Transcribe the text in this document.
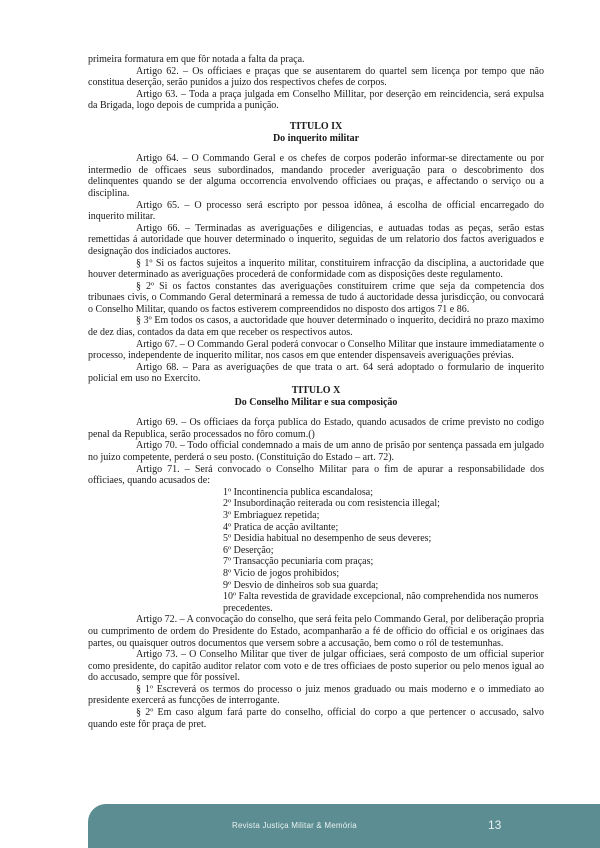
primeira formatura em que fôr notada a falta da praça.

Artigo 62. – Os officiaes e praças que se ausentarem do quartel sem licença por tempo que não constitua deserção, serão punidos a juizo dos respectivos chefes de corpos.

Artigo 63. – Toda a praça julgada em Conselho Millitar, por deserção em reincidencia, será expulsa da Brigada, logo depois de cumprida a punição.

TITULO IX

Do inquerito militar

Artigo 64. – O Commando Geral e os chefes de corpos poderão informar-se directamente ou por intermedio de officaes seus subordinados, mandando proceder averiguação para o descobrimento dos delinquentes quando se der alguma occorrencia envolvendo officiaes ou praças, e affectando o serviço ou a disciplina.

Artigo 65. – O processo será escripto por pessoa idônea, á escolha de official encarregado do inquerito militar.

Artigo 66. – Terminadas as averiguações e diligencias, e autuadas todas as peças, serão estas remettidas á autoridade que houver determinado o inquerito, seguidas de um relatorio dos factos averiguados e designação dos indiciados auctores.

§ 1º Si os factos sujeitos a inquerito militar, constituirem infracção da disciplina, a auctoridade que houver determinado as averiguações procederá de conformidade com as disposições deste regulamento.

§ 2º Si os factos constantes das averiguações constituirem crime que seja da competencia dos tribunaes civis, o Commando Geral determinará a remessa de tudo á auctoridade dessa jurisdicção, ou convocará o Conselho Militar, quando os factos estiverem compreendidos no disposto dos artigos 71 e 86.

§ 3º Em todos os casos, a auctoridade que houver determinado o inquerito, decidirá no prazo maximo de dez dias, contados da data em que receber os respectivos autos.

Artigo 67. – O Commando Geral poderá convocar o Conselho Militar que instaure immediatamente o processo, independente de inquerito militar, nos casos em que entender dispensaveis averiguações prévias.

Artigo 68. – Para as averiguações de que trata o art. 64 será adoptado o formulario de inquerito policial em uso no Exercito.

TITULO X

Do Conselho Militar e sua composição

Artigo 69. – Os officiaes da força publica do Estado, quando acusados de crime previsto no codigo penal da Republica, serão processados no fôro comum.()

Artigo 70. – Todo official condemnado a mais de um anno de prisão por sentença passada em julgado no juizo competente, perderá o seu posto. (Constituição do Estado – art. 72).

Artigo 71. – Será convocado o Conselho Militar para o fim de apurar a responsabilidade dos officiaes, quando acusados de:

1º Incontinencia publica escandalosa;

2º Insubordinação reiterada ou com resistencia illegal;

3º Embriaguez repetida;

4º Pratica de acção aviltante;

5º Desidia habitual no desempenho de seus deveres;

6º Deserção;

7º Transacção pecuniaria com praças;

8º Vicio de jogos prohibidos;

9º Desvio de dinheiros sob sua guarda;

10º Falta revestida de gravidade excepcional, não comprehendida nos numeros precedentes.

Artigo 72. – A convocação do conselho, que será feita pelo Commando Geral, por deliberação propria ou cumprimento de ordem do Presidente do Estado, acompanharão a fé de officio do official e os originaes das partes, ou quaisquer outros documentos que versem sobre a accusação, bem como o ról de testemunhas.

Artigo 73. – O Conselho Militar que tiver de julgar officiaes, será composto de um official superior como presidente, do capitão auditor relator com voto e de tres officiaes de posto superior ou pelo menos igual ao do accusado, sempre que fôr possível.

§ 1º Escreverá os termos do processo o juiz menos graduado ou mais moderno e o immediato ao presidente exercerá as funcções de interrogante.

§ 2º Em caso algum fará parte do conselho, official do corpo a que pertencer o accusado, salvo quando este fôr praça de pret.

Revista Justiça Militar & Memória	13
